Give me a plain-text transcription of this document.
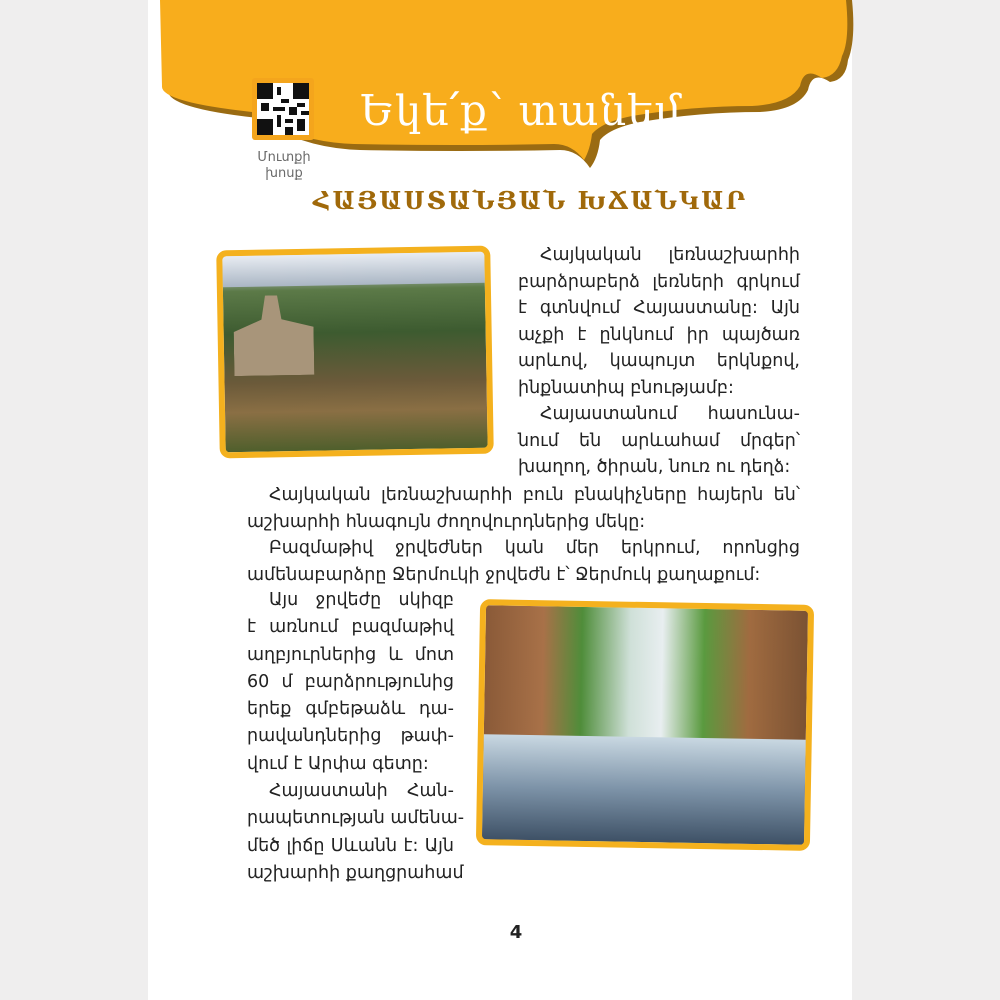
Մուտքի
խոսք
Եկե՛ք՝ տանեմ
ՀԱՅԱՍՏԱՆՅԱՆ ԽՃԱՆԿԱՐ
Հայկական լեռնաշխարհի
բարձրաբերձ լեռների գրկում
է գտնվում Հայաստանը: Այն
աչքի է ընկնում իր պայծառ
արևով, կապույտ երկնքով,
ինքնատիպ բնությամբ:
Հայաստանում հասունա-
նում են արևահամ մրգեր՝
խաղող, ծիրան, նուռ ու դեղձ:
Հայկական լեռնաշխարհի բուն բնակիչները հայերն են՝
աշխարհի հնագույն ժողովուրդներից մեկը:
Բազմաթիվ ջրվեժներ կան մեր երկրում, որոնցից
ամենաբարձրը Ջերմուկի ջրվեժն է՝ Ջերմուկ քաղաքում:
Այս ջրվեժը սկիզբ
է առնում բազմաթիվ
աղբյուրներից և մոտ
60 մ բարձրությունից
երեք գմբեթաձև դա-
րավանդներից թափ-
վում է Արփա գետը:
Հայաստանի Հան-
րապետության ամենա-
մեծ լիճը Սևանն է: Այն
աշխարհի քաղցրահամ
4
